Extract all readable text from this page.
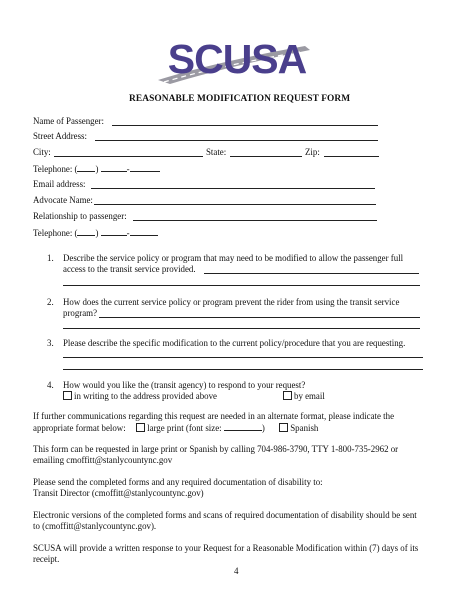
SCUSA
REASONABLE MODIFICATION REQUEST FORM
Name of Passenger:
Street Address:
City:	State:	Zip:
Telephone: ( )	-
Email address:
Advocate Name:
Relationship to passenger:
Telephone: ( )	-
1. Describe the service policy or program that may need to be modified to allow the passenger full
access to the transit service provided.
2. How does the current service policy or program prevent the rider from using the transit service
program?
3. Please describe the specific modification to the current policy/procedure that you are requesting.
4. How would you like the (transit agency) to respond to your request?
in writing to the address provided above	by email
If further communications regarding this request are needed in an alternate format, please indicate the
appropriate format below: large print (font size:	)	Spanish
This form can be requested in large print or Spanish by calling 704-986-3790, TTY 1-800-735-2962 or
emailing cmoffitt@stanlycountync.gov
Please send the completed forms and any required documentation of disability to:
Transit Director (cmoffitt@stanlycountync.gov)
Electronic versions of the completed forms and scans of required documentation of disability should be sent
to (cmoffitt@stanlycountync.gov).
SCUSA will provide a written response to your Request for a Reasonable Modification within (7) days of its
receipt.
4
